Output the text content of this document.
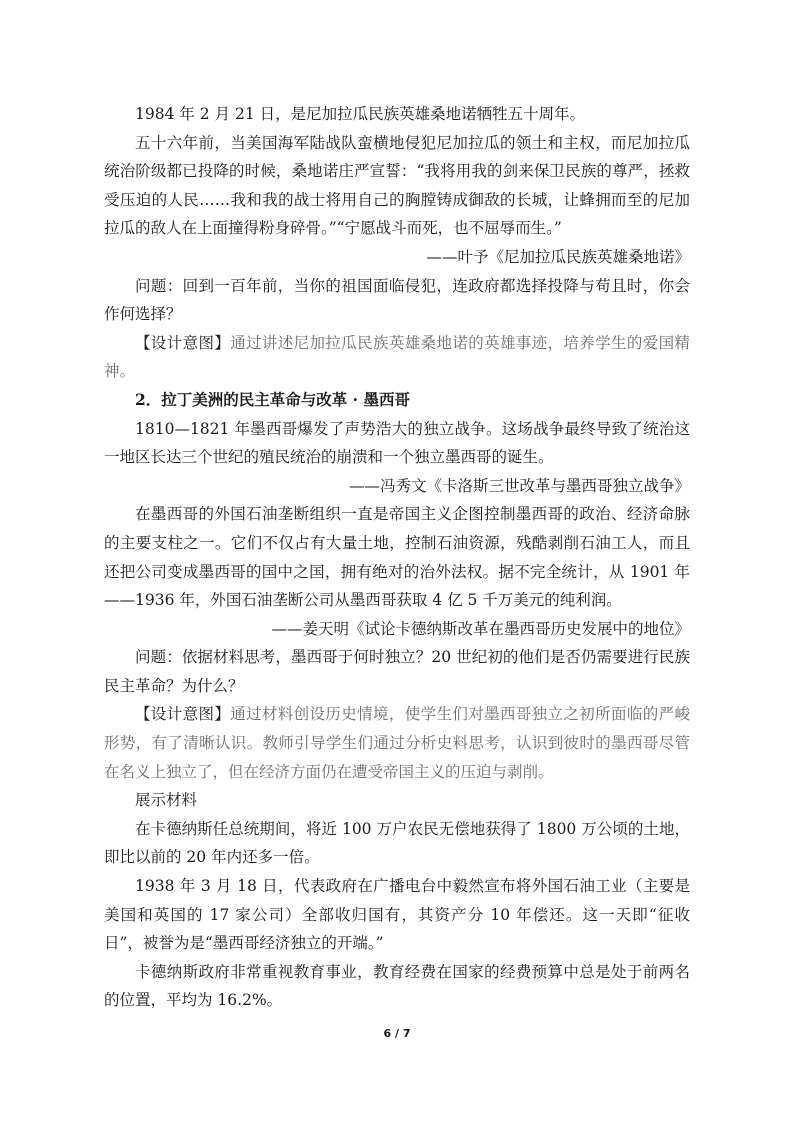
1984 年 2 月 21 日，是尼加拉瓜民族英雄桑地诺牺牲五十周年。

五十六年前，当美国海军陆战队蛮横地侵犯尼加拉瓜的领土和主权，而尼加拉瓜统治阶级都已投降的时候，桑地诺庄严宣誓：“我将用我的剑来保卫民族的尊严，拯救受压迫的人民……我和我的战士将用自己的胸膛铸成御敌的长城，让蜂拥而至的尼加拉瓜的敌人在上面撞得粉身碎骨。”“宁愿战斗而死，也不屈辱而生。”

——叶予《尼加拉瓜民族英雄桑地诺》

问题：回到一百年前，当你的祖国面临侵犯，连政府都选择投降与苟且时，你会作何选择？

【设计意图】通过讲述尼加拉瓜民族英雄桑地诺的英雄事迹，培养学生的爱国精神。

2．拉丁美洲的民主革命与改革 · 墨西哥

1810—1821 年墨西哥爆发了声势浩大的独立战争。这场战争最终导致了统治这一地区长达三个世纪的殖民统治的崩溃和一个独立墨西哥的诞生。

——冯秀文《卡洛斯三世改革与墨西哥独立战争》

在墨西哥的外国石油垄断组织一直是帝国主义企图控制墨西哥的政治、经济命脉的主要支柱之一。它们不仅占有大量土地，控制石油资源，残酷剥削石油工人，而且还把公司变成墨西哥的国中之国，拥有绝对的治外法权。据不完全统计，从 1901 年——1936 年，外国石油垄断公司从墨西哥获取 4 亿 5 千万美元的纯利润。

——姜天明《试论卡德纳斯改革在墨西哥历史发展中的地位》

问题：依据材料思考，墨西哥于何时独立？20 世纪初的他们是否仍需要进行民族民主革命？为什么？

【设计意图】通过材料创设历史情境，使学生们对墨西哥独立之初所面临的严峻形势，有了清晰认识。教师引导学生们通过分析史料思考，认识到彼时的墨西哥尽管在名义上独立了，但在经济方面仍在遭受帝国主义的压迫与剥削。

展示材料

在卡德纳斯任总统期间，将近 100 万户农民无偿地获得了 1800 万公顷的土地，即比以前的 20 年内还多一倍。

1938 年 3 月 18 日，代表政府在广播电台中毅然宣布将外国石油工业（主要是美国和英国的 17 家公司）全部收归国有，其资产分 10 年偿还。这一天即“征收日”，被誉为是“墨西哥经济独立的开端。”

卡德纳斯政府非常重视教育事业，教育经费在国家的经费预算中总是处于前两名的位置，平均为 16.2%。

6 / 7
